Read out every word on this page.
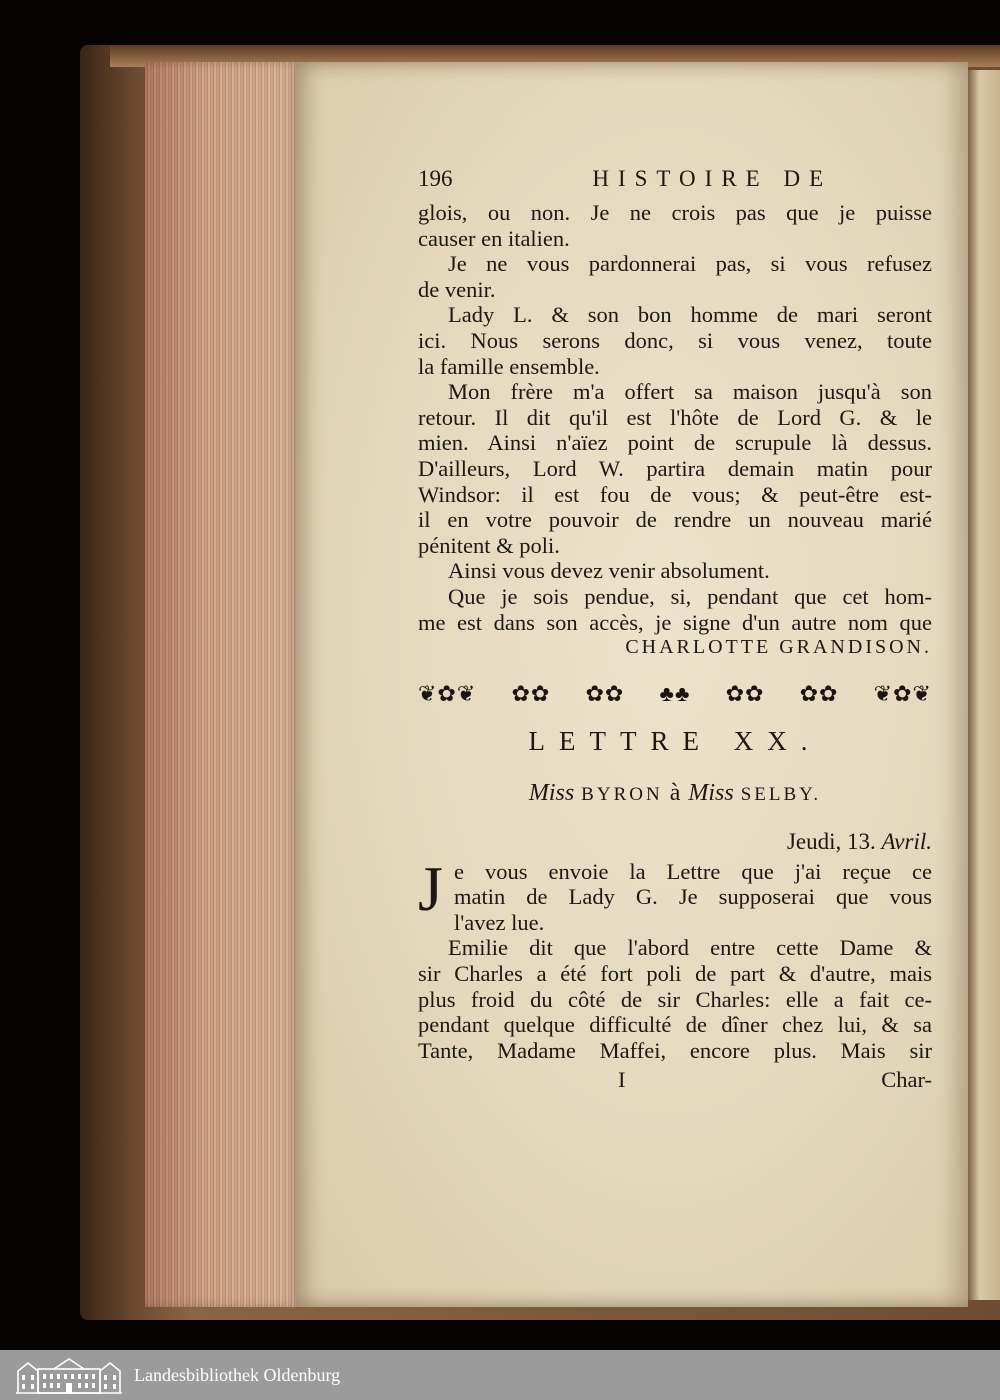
196	HISTOIRE DE
glois, ou non. Je ne crois pas que je puisse
causer en italien.
Je ne vous pardonnerai pas, si vous refusez
de venir.
Lady L. & son bon homme de mari seront
ici. Nous serons donc, si vous venez, toute
la famille ensemble.
Mon frère m'a offert sa maison jusqu'à son
retour. Il dit qu'il est l'hôte de Lord G. & le
mien. Ainsi n'aïez point de scrupule là dessus.
D'ailleurs, Lord W. partira demain matin pour
Windsor: il est fou de vous; & peut-être est-
il en votre pouvoir de rendre un nouveau marié
pénitent & poli.
Ainsi vous devez venir absolument.
Que je sois pendue, si, pendant que cet hom-
me est dans son accès, je signe d'un autre nom que
CHARLOTTE GRANDISON.
❦✿❦ ✿✿ ✿✿ ♣♣ ✿✿ ✿✿ ❦✿❦
LETTRE XX.
Miss BYRON à Miss SELBY.
Jeudi, 13. Avril.
J e vous envoie la Lettre que j'ai reçue ce
matin de Lady G. Je supposerai que vous
l'avez lue.
Emilie dit que l'abord entre cette Dame &
sir Charles a été fort poli de part & d'autre, mais
plus froid du côté de sir Charles: elle a fait ce-
pendant quelque difficulté de dîner chez lui, & sa
Tante, Madame Maffei, encore plus. Mais sir
I	Char-
Landesbibliothek Oldenburg
